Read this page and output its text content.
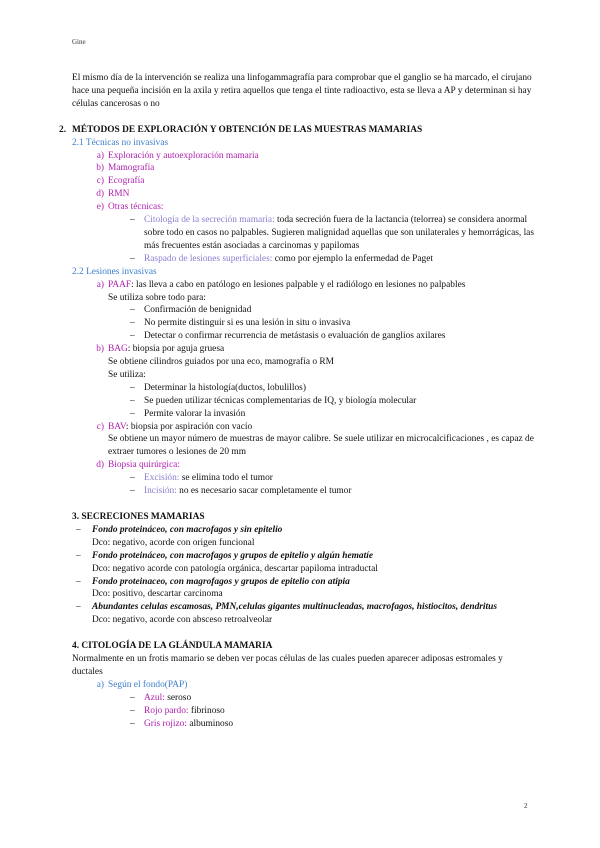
Gine

El mismo día de la intervención se realiza una linfogammagrafía para comprobar que el ganglio se ha marcado, el cirujano hace una pequeña incisión en la axila y retira aquellos que tenga el tinte radioactivo, esta se lleva a AP y determinan si hay células cancerosas o no

2. MÉTODOS DE EXPLORACIÓN Y OBTENCIÓN DE LAS MUESTRAS MAMARIAS
2.1 Técnicas no invasivas
a) Exploración y autoexploración mamaria
b) Mamografía
c) Ecografía
d) RMN
e) Otras técnicas:
– Citología de la secreción mamaria: toda secreción fuera de la lactancia (telorrea) se considera anormal sobre todo en casos no palpables. Sugieren malignidad aquellas que son unilaterales y hemorrágicas, las más frecuentes están asociadas a carcinomas y papilomas
– Raspado de lesiones superficiales: como por ejemplo la enfermedad de Paget
2.2 Lesiones invasivas
a) PAAF: las lleva a cabo en patólogo en lesiones palpable y el radiólogo en lesiones no palpables
Se utiliza sobre todo para:
– Confirmación de benignidad
– No permite distinguir si es una lesión in situ o invasiva
– Detectar o confirmar recurrencia de metástasis o evaluación de ganglios axilares
b) BAG: biopsia por aguja gruesa
Se obtiene cilindros guiados por una eco, mamografía o RM
Se utiliza:
– Determinar la histología(ductos, lobulillos)
– Se pueden utilizar técnicas complementarias de IQ, y biología molecular
– Permite valorar la invasión
c) BAV: biopsia por aspiración con vacío
Se obtiene un mayor número de muestras de mayor calibre. Se suele utilizar en microcalcificaciones , es capaz de extraer tumores o lesiones de 20 mm
d) Biopsia quirúrgica:
– Excisión: se elimina todo el tumor
– Incisión: no es necesario sacar completamente el tumor
3. SECRECIONES MAMARIAS
– Fondo proteináceo, con macrofagos y sin epitelio
Dco: negativo, acorde con origen funcional
– Fondo proteináceo, con macrofagos y grupos de epitelio y algún hematíe
Dco: negativo acorde con patología orgánica, descartar papiloma intraductal
– Fondo proteinaceo, con magrofagos y grupos de epitelio con atipia
Dco: positivo, descartar carcinoma
– Abundantes celulas escamosas, PMN,celulas gigantes multinucleadas, macrofagos, histiocitos, dendritus
Dco: negativo, acorde con absceso retroalveolar
4. CITOLOGÍA DE LA GLÁNDULA MAMARIA
Normalmente en un frotis mamario se deben ver pocas células de las cuales pueden aparecer adiposas estromales y ductales
a) Según el fondo(PAP)
– Azul: seroso
– Rojo pardo: fibrinoso
– Gris rojizo: albuminoso
2
